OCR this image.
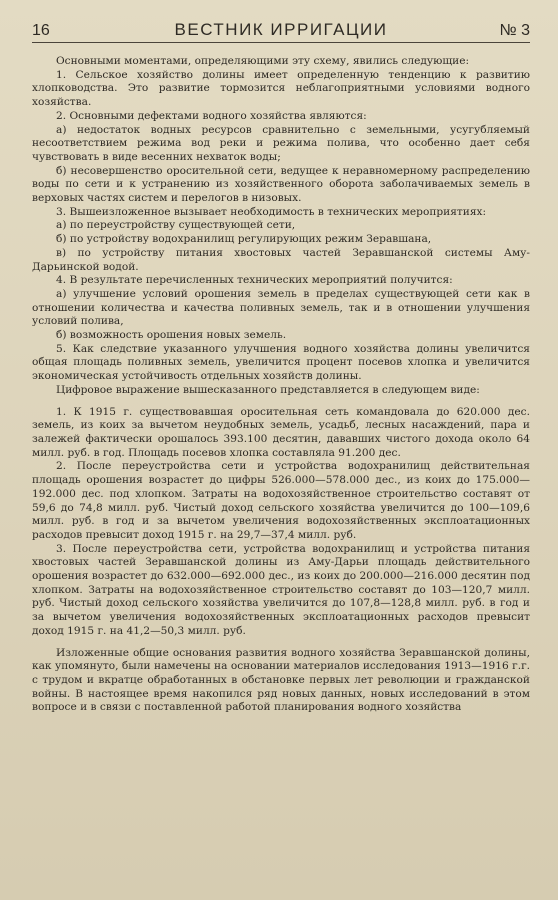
16	ВЕСТНИК ИРРИГАЦИИ	№ 3

Основными моментами, определяющими эту схему, явились следующие:

1. Сельское хозяйство долины имеет определенную тенденцию к развитию хлопководства. Это развитие тормозится неблагоприятными условиями водного хозяйства.

2. Основными дефектами водного хозяйства являются:

а) недостаток водных ресурсов сравнительно с земельными, усугубляемый несоответствием режима вод реки и режима полива, что особенно дает себя чувствовать в виде весенних нехваток воды;

б) несовершенство оросительной сети, ведущее к неравномерному распределению воды по сети и к устранению из хозяйственного оборота заболачиваемых земель в верховых частях систем и перелогов в низовых.

3. Вышеизложенное вызывает необходимость в технических мероприятиях:

а) по переустройству существующей сети,

б) по устройству водохранилищ регулирующих режим Зеравшана,

в) по устройству питания хвостовых частей Зеравшанской системы Аму-Дарьинской водой.

4. В результате перечисленных технических мероприятий получится:

а) улучшение условий орошения земель в пределах существующей сети как в отношении количества и качества поливных земель, так и в отношении улучшения условий полива,

б) возможность орошения новых земель.

5. Как следствие указанного улучшения водного хозяйства долины увеличится общая площадь поливных земель, увеличится процент посевов хлопка и увеличится экономическая устойчивость отдельных хозяйств долины.

Цифровое выражение вышесказанного представляется в следующем виде:

1. К 1915 г. существовавшая оросительная сеть командовала до 620.000 дес. земель, из коих за вычетом неудобных земель, усадьб, лесных насаждений, пара и залежей фактически орошалось 393.100 десятин, дававших чистого дохода около 64 милл. руб. в год. Площадь посевов хлопка составляла 91.200 дес.

2. После переустройства сети и устройства водохранилищ действительная площадь орошения возрастет до цифры 526.000—578.000 дес., из коих до 175.000—192.000 дес. под хлопком. Затраты на водохозяйственное строительство составят от 59,6 до 74,8 милл. руб. Чистый доход сельского хозяйства увеличится до 100—109,6 милл. руб. в год и за вычетом увеличения водохозяйственных эксплоатационных расходов превысит доход 1915 г. на 29,7—37,4 милл. руб.

3. После переустройства сети, устройства водохранилищ и устройства питания хвостовых частей Зеравшанской долины из Аму-Дарьи площадь действительного орошения возрастет до 632.000—692.000 дес., из коих до 200.000—216.000 десятин под хлопком. Затраты на водохозяйственное строительство составят до 103—120,7 милл. руб. Чистый доход сельского хозяйства увеличится до 107,8—128,8 милл. руб. в год и за вычетом увеличения водохозяйственных эксплоатационных расходов превысит доход 1915 г. на 41,2—50,3 милл. руб.

Изложенные общие основания развития водного хозяйства Зеравшанской долины, как упомянуто, были намечены на основании материалов исследования 1913—1916 г.г. с трудом и вкратце обработанных в обстановке первых лет революции и гражданской войны. В настоящее время накопился ряд новых данных, новых исследований в этом вопросе и в связи с поставленной работой планирования водного хозяйства
